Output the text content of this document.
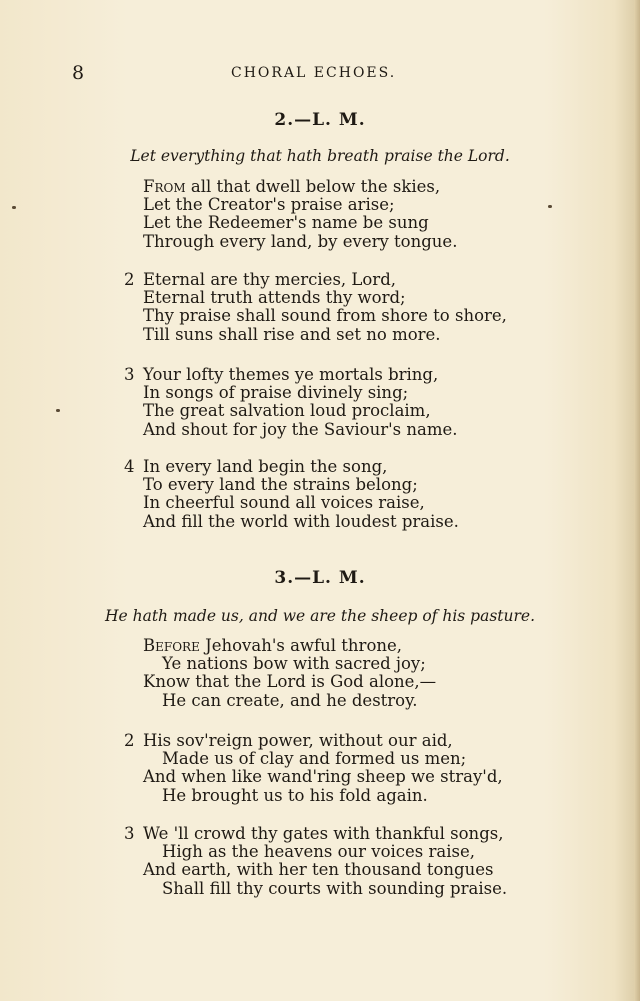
8	CHORAL ECHOES.
2.—L. M.
Let everything that hath breath praise the Lord.
From all that dwell below the skies,
Let the Creator's praise arise;
Let the Redeemer's name be sung
Through every land, by every tongue.
2 Eternal are thy mercies, Lord,
Eternal truth attends thy word;
Thy praise shall sound from shore to shore,
Till suns shall rise and set no more.
3 Your lofty themes ye mortals bring,
In songs of praise divinely sing;
The great salvation loud proclaim,
And shout for joy the Saviour's name.
4 In every land begin the song,
To every land the strains belong;
In cheerful sound all voices raise,
And fill the world with loudest praise.
3.—L. M.
He hath made us, and we are the sheep of his pasture.
Before Jehovah's awful throne,
Ye nations bow with sacred joy;
Know that the Lord is God alone,—
He can create, and he destroy.
2 His sov'reign power, without our aid,
Made us of clay and formed us men;
And when like wand'ring sheep we stray'd,
He brought us to his fold again.
3 We 'll crowd thy gates with thankful songs,
High as the heavens our voices raise,
And earth, with her ten thousand tongues
Shall fill thy courts with sounding praise.
